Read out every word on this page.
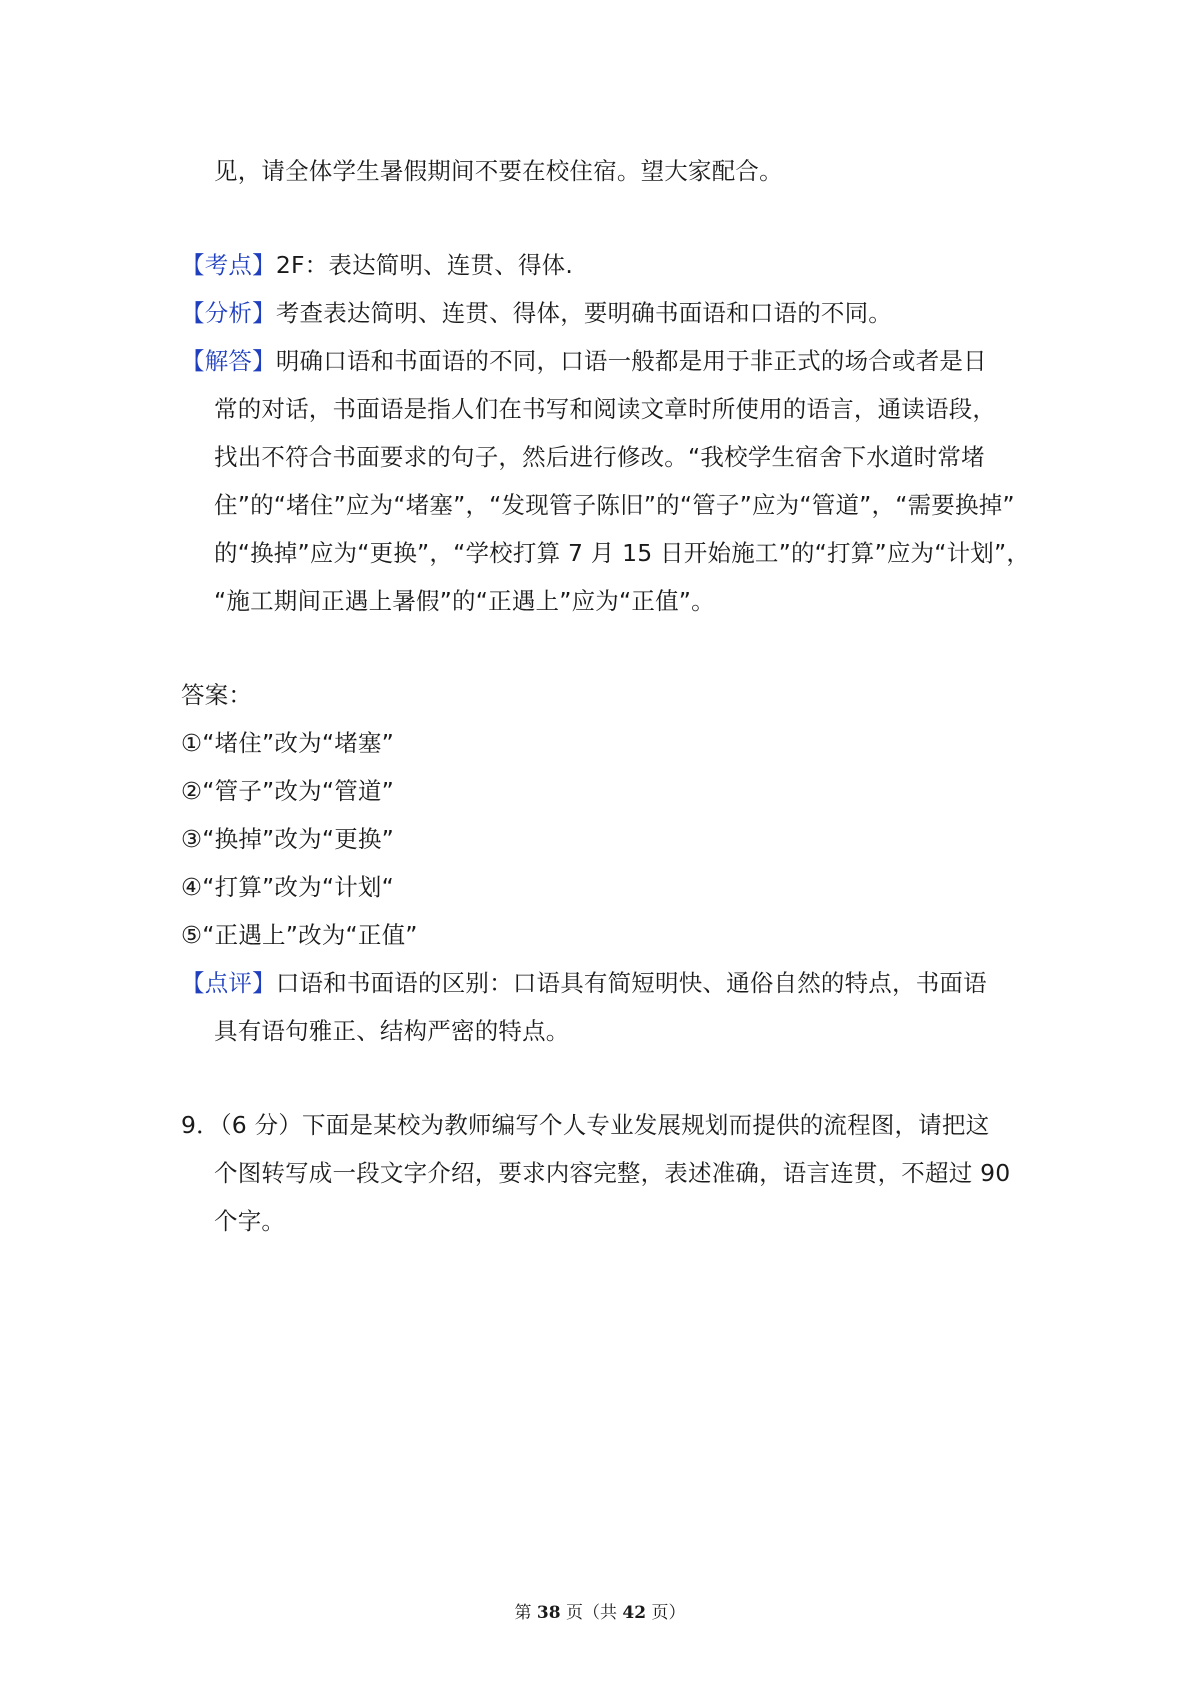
见，请全体学生暑假期间不要在校住宿。望大家配合。
【考点】2F：表达简明、连贯、得体.
【分析】考查表达简明、连贯、得体，要明确书面语和口语的不同。
【解答】明确口语和书面语的不同，口语一般都是用于非正式的场合或者是日
常的对话，书面语是指人们在书写和阅读文章时所使用的语言，通读语段，
找出不符合书面要求的句子，然后进行修改。“我校学生宿舍下水道时常堵
住”的“堵住”应为“堵塞”，“发现管子陈旧”的“管子”应为“管道”，“需要换掉”
的“换掉”应为“更换”，“学校打算 7 月 15 日开始施工”的“打算”应为“计划”，
“施工期间正遇上暑假”的“正遇上”应为“正值”。
答案：
①“堵住”改为“堵塞”
②“管子”改为“管道”
③“换掉”改为“更换”
④“打算”改为“计划“
⑤“正遇上”改为“正值”
【点评】口语和书面语的区别：口语具有简短明快、通俗自然的特点，书面语
具有语句雅正、结构严密的特点。
9．（6 分）下面是某校为教师编写个人专业发展规划而提供的流程图，请把这
个图转写成一段文字介绍，要求内容完整，表述准确，语言连贯，不超过 90
个字。
第 38 页（共 42 页）
